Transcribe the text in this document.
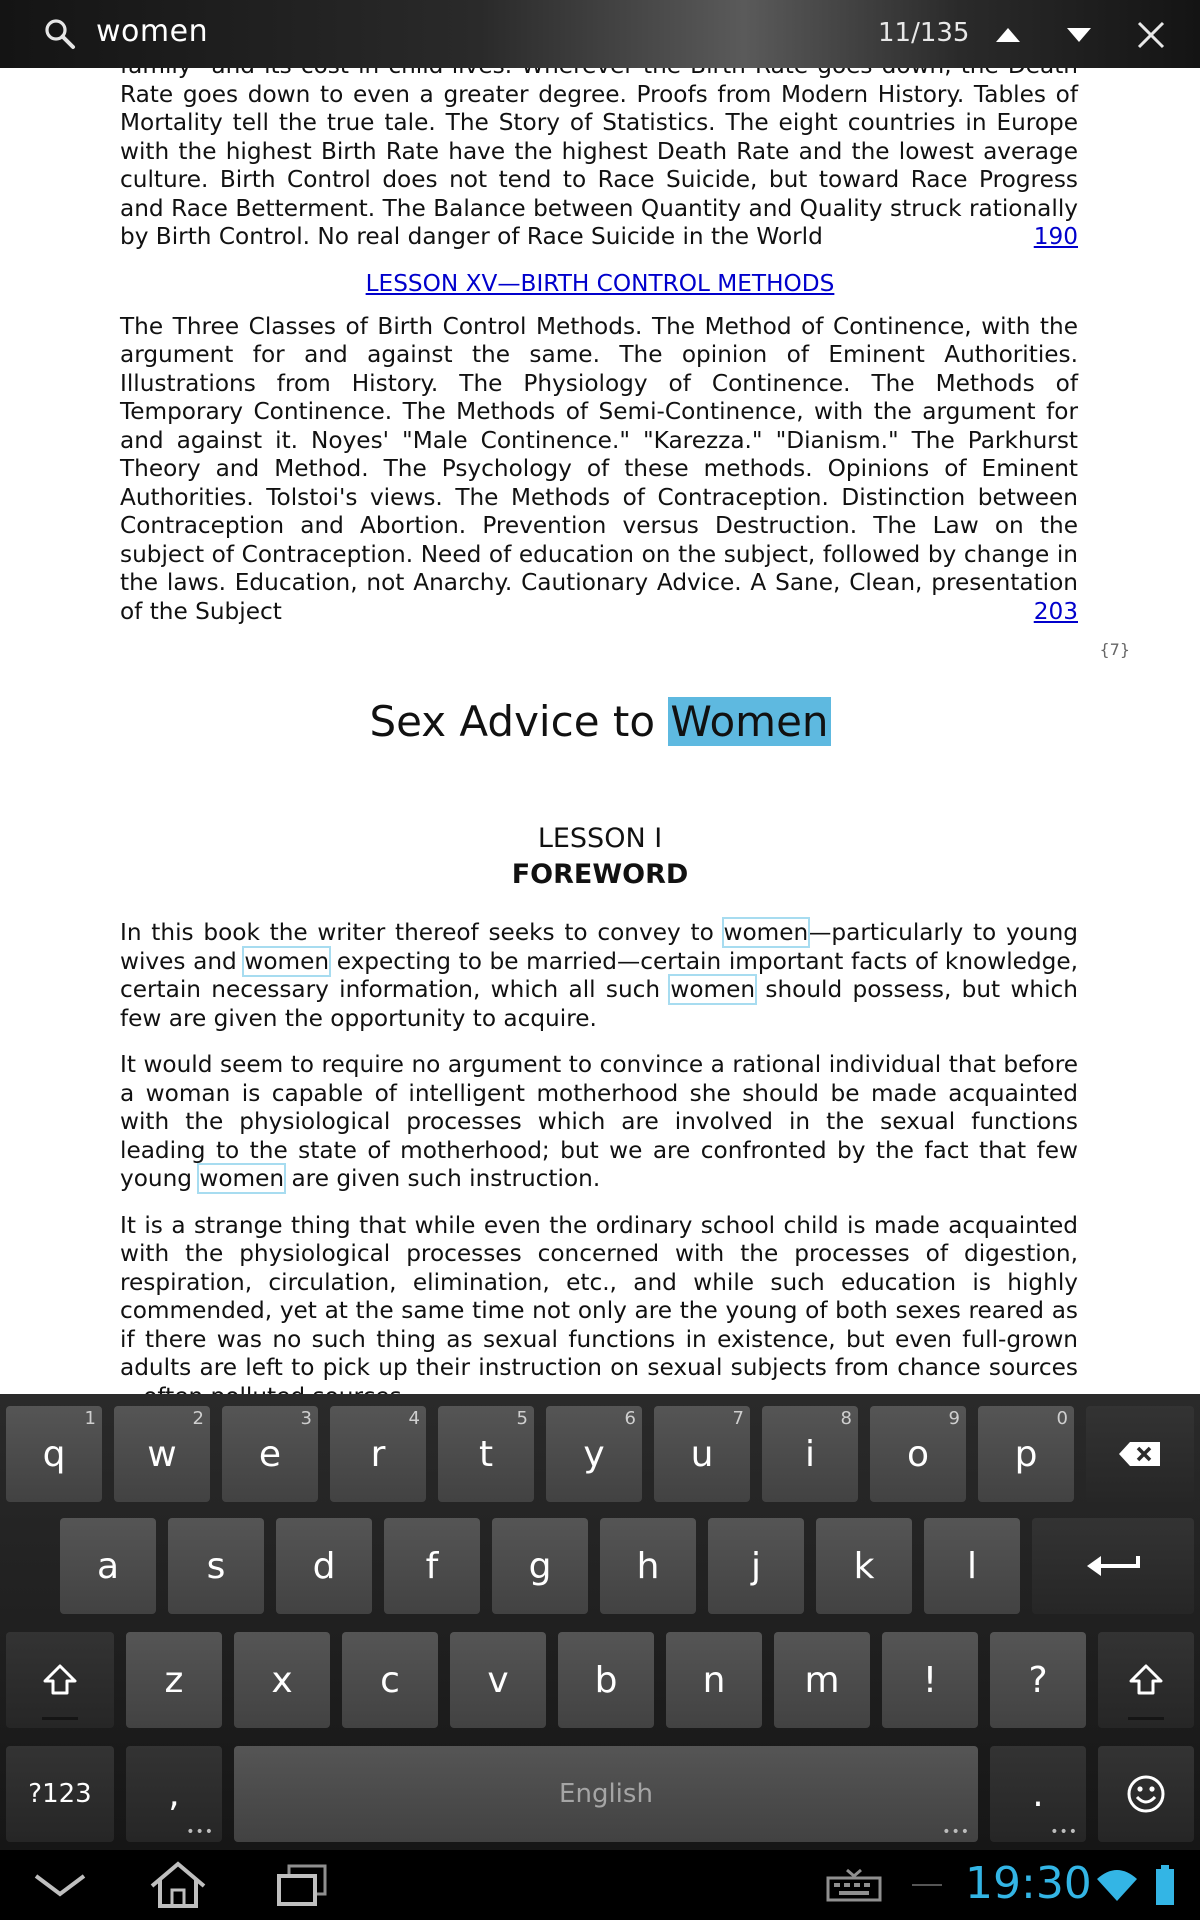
women	11/135
Rate goes down to even a greater degree. Proofs from Modern History. Tables of Mortality tell the true tale. The Story of Statistics. The eight countries in Europe with the highest Birth Rate have the highest Death Rate and the lowest average culture. Birth Control does not tend to Race Suicide, but toward Race Progress and Race Betterment. The Balance between Quantity and Quality struck rationally by Birth Control. No real danger of Race Suicide in the World	190
LESSON XV—BIRTH CONTROL METHODS
The Three Classes of Birth Control Methods. The Method of Continence, with the argument for and against the same. The opinion of Eminent Authorities. Illustrations from History. The Physiology of Continence. The Methods of Temporary Continence. The Methods of Semi-Continence, with the argument for and against it. Noyes' "Male Continence." "Karezza." "Dianism." The Parkhurst Theory and Method. The Psychology of these methods. Opinions of Eminent Authorities. Tolstoi's views. The Methods of Contraception. Distinction between Contraception and Abortion. Prevention versus Destruction. The Law on the subject of Contraception. Need of education on the subject, followed by change in the laws. Education, not Anarchy. Cautionary Advice. A Sane, Clean, presentation of the Subject	203
{7}
Sex Advice to Women
LESSON I
FOREWORD
In this book the writer thereof seeks to convey to women—particularly to young wives and women expecting to be married—certain important facts of knowledge, certain necessary information, which all such women should possess, but which few are given the opportunity to acquire.
It would seem to require no argument to convince a rational individual that before a woman is capable of intelligent motherhood she should be made acquainted with the physiological processes which are involved in the sexual functions leading to the state of motherhood; but we are confronted by the fact that few young women are given such instruction.
It is a strange thing that while even the ordinary school child is made acquainted with the physiological processes concerned with the processes of digestion, respiration, circulation, elimination, etc., and while such education is highly commended, yet at the same time not only are the young of both sexes reared as if there was no such thing as sexual functions in existence, but even full-grown adults are left to pick up their instruction on sexual subjects from chance sources
q
1
w
2
e
3
r
4
t
5
y
6
u
7
i
8
o
9
p
0
a	s	d	f	g	h	j	k	l
z	x	c	v	b	n	m	!	?
?123	,
•••
English
•••
.
•••
19:30
